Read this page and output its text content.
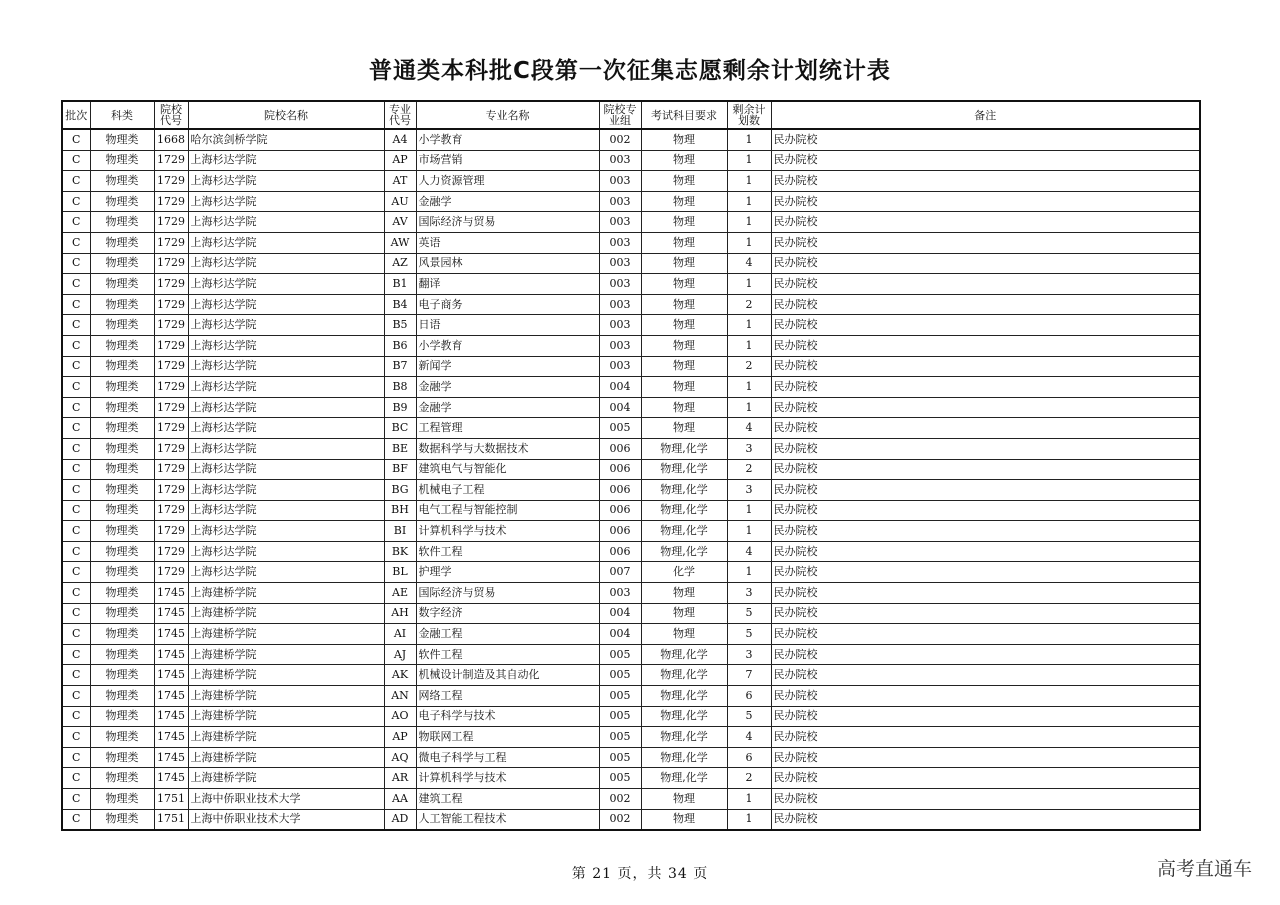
普通类本科批C段第一次征集志愿剩余计划统计表
批次	科类	院校代号	院校名称	专业代号	专业名称	院校专业组	考试科目要求	剩余计划数	备注
C	物理类	1668	哈尔滨剑桥学院	A4	小学教育	002	物理	1	民办院校
C	物理类	1729	上海杉达学院	AP	市场营销	003	物理	1	民办院校
C	物理类	1729	上海杉达学院	AT	人力资源管理	003	物理	1	民办院校
C	物理类	1729	上海杉达学院	AU	金融学	003	物理	1	民办院校
C	物理类	1729	上海杉达学院	AV	国际经济与贸易	003	物理	1	民办院校
C	物理类	1729	上海杉达学院	AW	英语	003	物理	1	民办院校
C	物理类	1729	上海杉达学院	AZ	风景园林	003	物理	4	民办院校
C	物理类	1729	上海杉达学院	B1	翻译	003	物理	1	民办院校
C	物理类	1729	上海杉达学院	B4	电子商务	003	物理	2	民办院校
C	物理类	1729	上海杉达学院	B5	日语	003	物理	1	民办院校
C	物理类	1729	上海杉达学院	B6	小学教育	003	物理	1	民办院校
C	物理类	1729	上海杉达学院	B7	新闻学	003	物理	2	民办院校
C	物理类	1729	上海杉达学院	B8	金融学	004	物理	1	民办院校
C	物理类	1729	上海杉达学院	B9	金融学	004	物理	1	民办院校
C	物理类	1729	上海杉达学院	BC	工程管理	005	物理	4	民办院校
C	物理类	1729	上海杉达学院	BE	数据科学与大数据技术	006	物理,化学	3	民办院校
C	物理类	1729	上海杉达学院	BF	建筑电气与智能化	006	物理,化学	2	民办院校
C	物理类	1729	上海杉达学院	BG	机械电子工程	006	物理,化学	3	民办院校
C	物理类	1729	上海杉达学院	BH	电气工程与智能控制	006	物理,化学	1	民办院校
C	物理类	1729	上海杉达学院	BI	计算机科学与技术	006	物理,化学	1	民办院校
C	物理类	1729	上海杉达学院	BK	软件工程	006	物理,化学	4	民办院校
C	物理类	1729	上海杉达学院	BL	护理学	007	化学	1	民办院校
C	物理类	1745	上海建桥学院	AE	国际经济与贸易	003	物理	3	民办院校
C	物理类	1745	上海建桥学院	AH	数字经济	004	物理	5	民办院校
C	物理类	1745	上海建桥学院	AI	金融工程	004	物理	5	民办院校
C	物理类	1745	上海建桥学院	AJ	软件工程	005	物理,化学	3	民办院校
C	物理类	1745	上海建桥学院	AK	机械设计制造及其自动化	005	物理,化学	7	民办院校
C	物理类	1745	上海建桥学院	AN	网络工程	005	物理,化学	6	民办院校
C	物理类	1745	上海建桥学院	AO	电子科学与技术	005	物理,化学	5	民办院校
C	物理类	1745	上海建桥学院	AP	物联网工程	005	物理,化学	4	民办院校
C	物理类	1745	上海建桥学院	AQ	微电子科学与工程	005	物理,化学	6	民办院校
C	物理类	1745	上海建桥学院	AR	计算机科学与技术	005	物理,化学	2	民办院校
C	物理类	1751	上海中侨职业技术大学	AA	建筑工程	002	物理	1	民办院校
C	物理类	1751	上海中侨职业技术大学	AD	人工智能工程技术	002	物理	1	民办院校
第 21 页，共 34 页	高考直通车
